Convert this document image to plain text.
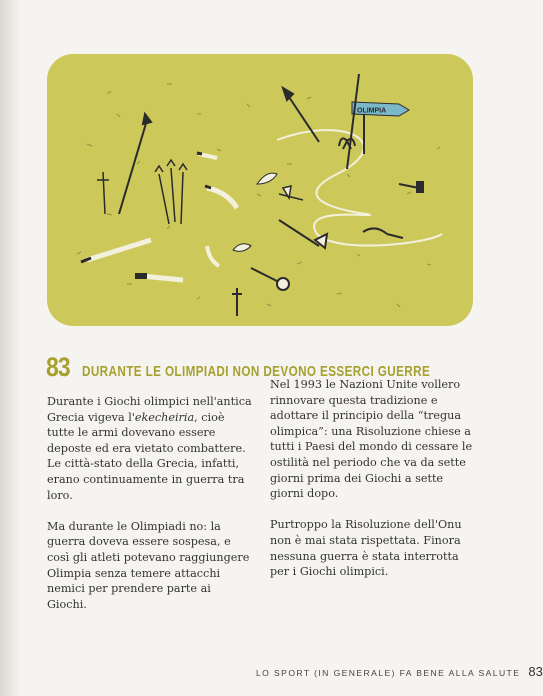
OLIMPIA
83 DURANTE LE OLIMPIADI NON DEVONO ESSERCI GUERRE

Durante i Giochi olimpici nell'antica Grecia vigeva l'ekecheiria, cioè tutte le armi dovevano essere deposte ed era vietato combattere. Le città-stato della Grecia, infatti, erano continuamente in guerra tra loro.

Ma durante le Olimpiadi no: la guerra doveva essere sospesa, e così gli atleti potevano raggiungere Olimpia senza temere attacchi nemici per prendere parte ai Giochi.

Nel 1993 le Nazioni Unite vollero rinnovare questa tradizione e adottare il principio della “tregua olimpica”: una Risoluzione chiese a tutti i Paesi del mondo di cessare le ostilità nel periodo che va da sette giorni prima dei Giochi a sette giorni dopo.

Purtroppo la Risoluzione dell'Onu non è mai stata rispettata. Finora nessuna guerra è stata interrotta per i Giochi olimpici.

LO SPORT (IN GENERALE) FA BENE ALLA SALUTE 83
